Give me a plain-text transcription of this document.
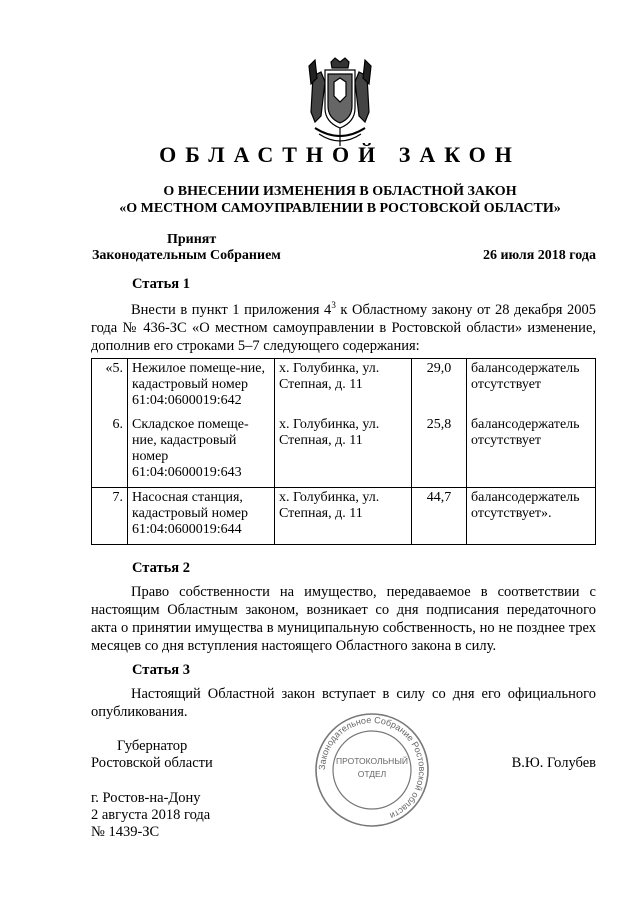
ОБЛАСТНОЙ ЗАКОН
О ВНЕСЕНИИ ИЗМЕНЕНИЯ В ОБЛАСТНОЙ ЗАКОН
«О МЕСТНОМ САМОУПРАВЛЕНИИ В РОСТОВСКОЙ ОБЛАСТИ»
Принят
Законодательным Собранием	26 июля 2018 года
Статья 1
Внести в пункт 1 приложения $4^3$ к Областному закону от 28 декабря 2005 года № 436-ЗС «О местном самоуправлении в Ростовской области» изменение, дополнив его строками 5–7 следующего содержания:
«5.	Нежилое помеще-ние, кадастровый номер 61:04:0600019:642	х. Голубинка, ул. Степная, д. 11	29,0	балансодержатель отсутствует
6.	Складское помеще-ние, кадастровый номер 61:04:0600019:643	х. Голубинка, ул. Степная, д. 11	25,8	балансодержатель отсутствует
7.	Насосная станция, кадастровый номер 61:04:0600019:644	х. Голубинка, ул. Степная, д. 11	44,7	балансодержатель отсутствует».
Статья 2
Право собственности на имущество, передаваемое в соответствии с настоящим Областным законом, возникает со дня подписания передаточного акта о принятии имущества в муниципальную собственность, но не позднее трех месяцев со дня вступления настоящего Областного закона в силу.
Статья 3
Настоящий Областной закон вступает в силу со дня его официального опубликования.
Губернатор
Ростовской области	В.Ю. Голубев
Законодательное Собрание Ростовской области
ПРОТОКОЛЬНЫЙ
ОТДЕЛ
г. Ростов-на-Дону
2 августа 2018 года
№ 1439-ЗС
